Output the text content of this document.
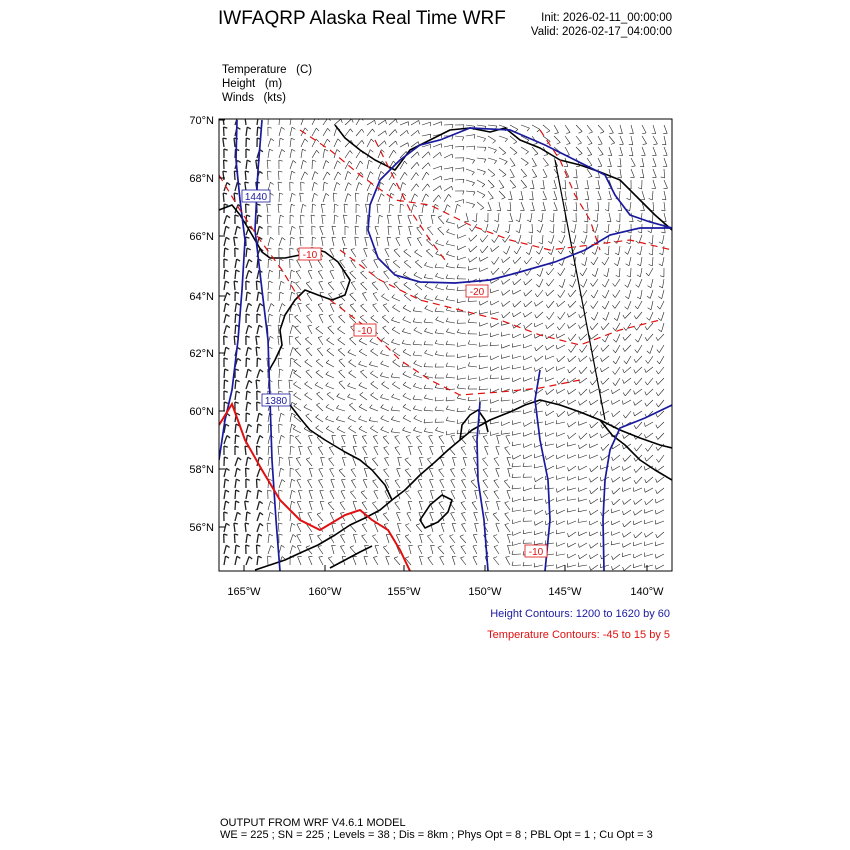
IWFAQRP Alaska Real Time WRF	Init: 2026-02-11_00:00:00
Valid: 2026-02-17_04:00:00
Temperature (C)
Height (m)
Winds (kts)
1440
1380
-10
-20
-10
-10
70°N
68°N
66°N
64°N
62°N
60°N
58°N
56°N
165°W	160°W	155°W	150°W	145°W	140°W
Height Contours: 1200 to 1620 by 60
Temperature Contours: -45 to 15 by 5
OUTPUT FROM WRF V4.6.1 MODEL
WE = 225 ; SN = 225 ; Levels = 38 ; Dis = 8km ; Phys Opt = 8 ; PBL Opt = 1 ; Cu Opt = 3
